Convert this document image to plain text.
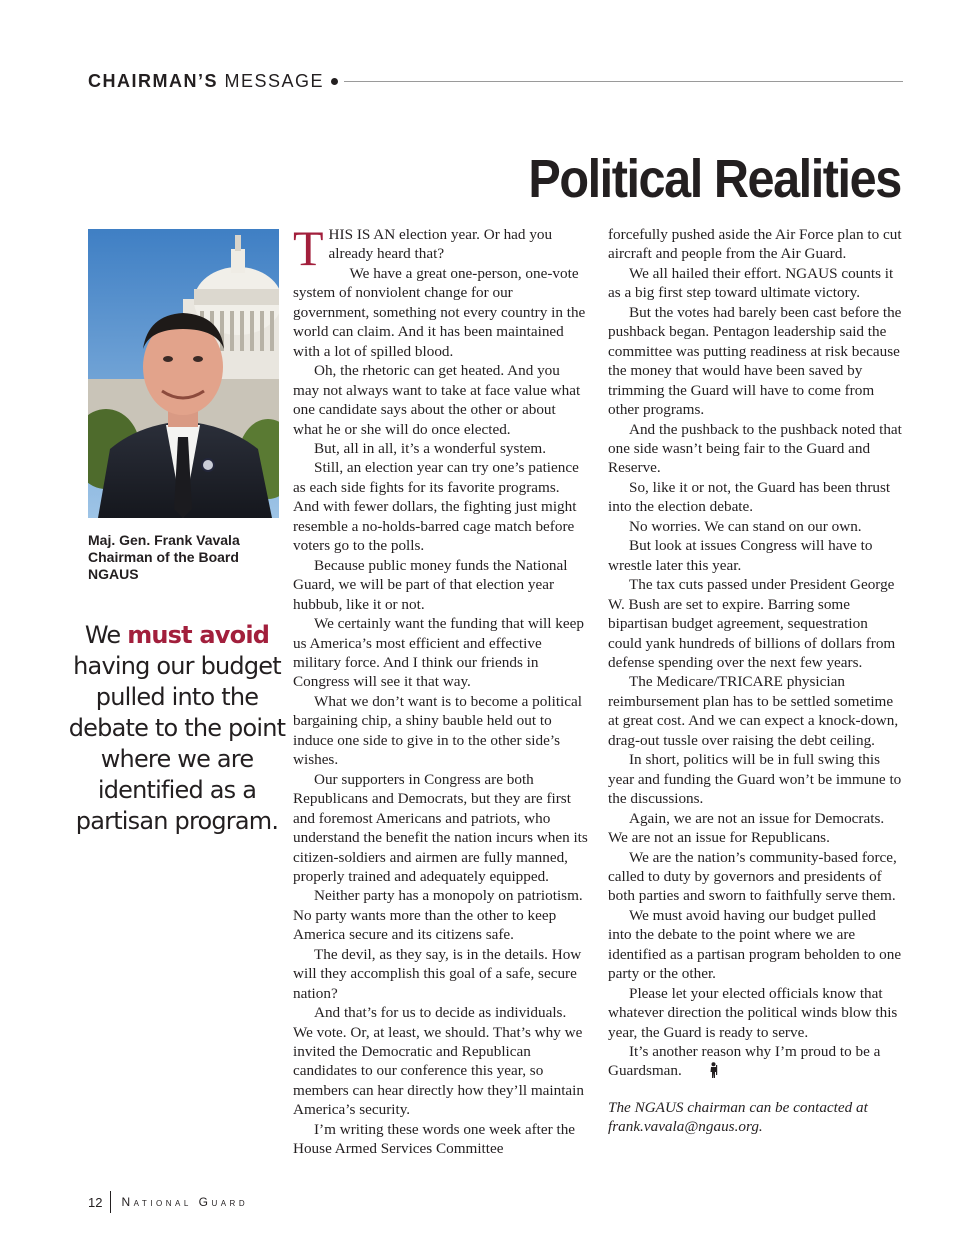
CHAIRMAN’S MESSAGE
Political Realities
Maj. Gen. Frank Vavala
Chairman of the Board
NGAUS
We must avoid having our budget pulled into the debate to the point where we are identified as a partisan program.

THIS IS AN election year. Or had you already heard that?

We have a great one-person, one-vote system of nonviolent change for our government, something not every country in the world can claim. And it has been maintained with a lot of spilled blood.

Oh, the rhetoric can get heated. And you may not always want to take at face value what one candidate says about the other or about what he or she will do once elected.

But, all in all, it’s a wonderful system.

Still, an election year can try one’s patience as each side fights for its favorite programs. And with fewer dollars, the fighting just might resemble a no-holds-barred cage match before voters go to the polls.

Because public money funds the National Guard, we will be part of that election year hubbub, like it or not.

We certainly want the funding that will keep us America’s most efficient and effective military force. And I think our friends in Congress will see it that way.

What we don’t want is to become a political bargaining chip, a shiny bauble held out to induce one side to give in to the other side’s wishes.

Our supporters in Congress are both Republicans and Democrats, but they are first and foremost Americans and patriots, who understand the benefit the nation incurs when its citizen-soldiers and airmen are fully manned, properly trained and adequately equipped.

Neither party has a monopoly on patriotism. No party wants more than the other to keep America secure and its citizens safe.

The devil, as they say, is in the details. How will they accomplish this goal of a safe, secure nation?

And that’s for us to decide as individuals. We vote. Or, at least, we should. That’s why we invited the Democratic and Republican candidates to our conference this year, so members can hear directly how they’ll maintain America’s security.

I’m writing these words one week after the House Armed Services Committee

forcefully pushed aside the Air Force plan to cut aircraft and people from the Air Guard.

We all hailed their effort. NGAUS counts it as a big first step toward ultimate victory.

But the votes had barely been cast before the pushback began. Pentagon leadership said the committee was putting readiness at risk because the money that would have been saved by trimming the Guard will have to come from other programs.

And the pushback to the pushback noted that one side wasn’t being fair to the Guard and Reserve.

So, like it or not, the Guard has been thrust into the election debate.

No worries. We can stand on our own.

But look at issues Congress will have to wrestle later this year.

The tax cuts passed under President George W. Bush are set to expire. Barring some bipartisan budget agreement, sequestration could yank hundreds of billions of dollars from defense spending over the next few years.

The Medicare/TRICARE physician reimbursement plan has to be settled sometime at great cost. And we can expect a knock-down, drag-out tussle over raising the debt ceiling.

In short, politics will be in full swing this year and funding the Guard won’t be immune to the discussions.

Again, we are not an issue for Democrats. We are not an issue for Republicans.

We are the nation’s community-based force, called to duty by governors and presidents of both parties and sworn to faithfully serve them.

We must avoid having our budget pulled into the debate to the point where we are identified as a partisan program beholden to one party or the other.

Please let your elected officials know that whatever direction the political winds blow this year, the Guard is ready to serve.

It’s another reason why I’m proud to be a Guardsman.

The NGAUS chairman can be contacted at frank.vavala@ngaus.org.

12 National Guard
